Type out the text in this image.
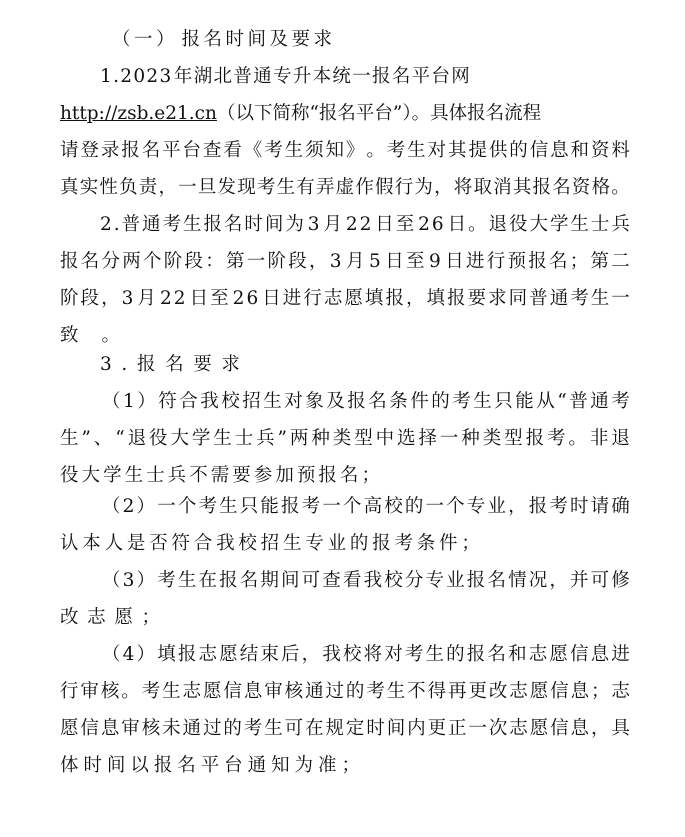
（ 一 ） 报 名 时 间 及 要 求
1 . 2 0 2 3 年 湖 北 普 通 专 升 本 统 一 报 名 平 台 网
http://zsb.e21.cn（以下简称“报名平台”）。具体报名流程
请 登 录 报 名 平 台 查 看 《 考 生 须 知 》 。 考 生 对 其 提 供 的 信 息 和 资 料
真 实 性 负 责 ， 一 旦 发 现 考 生 有 弄 虚 作 假 行 为 ， 将 取 消 其 报 名 资 格 。
2 . 普 通 考 生 报 名 时 间 为 3 月 2 2 日 至 2 6 日 。 退 役 大 学 生 士 兵
报 名 分 两 个 阶 段 ： 第 一 阶 段 ， 3 月 5 日 至 9 日 进 行 预 报 名 ； 第 二
阶 段 ， 3 月 2 2 日 至 2 6 日 进 行 志 愿 填 报 ， 填 报 要 求 同 普 通 考 生 一
致 。
3 . 报 名 要 求
（ 1 ） 符 合 我 校 招 生 对 象 及 报 名 条 件 的 考 生 只 能 从 “ 普 通 考
生 ” 、 “ 退 役 大 学 生 士 兵 ” 两 种 类 型 中 选 择 一 种 类 型 报 考 。 非 退
役 大 学 生 士 兵 不 需 要 参 加 预 报 名 ；
（ 2 ） 一 个 考 生 只 能 报 考 一 个 高 校 的 一 个 专 业 ， 报 考 时 请 确
认 本 人 是 否 符 合 我 校 招 生 专 业 的 报 考 条 件 ；
（ 3 ） 考 生 在 报 名 期 间 可 查 看 我 校 分 专 业 报 名 情 况 ， 并 可 修
改 志 愿 ；
（ 4 ） 填 报 志 愿 结 束 后 ， 我 校 将 对 考 生 的 报 名 和 志 愿 信 息 进
行 审 核 。 考 生 志 愿 信 息 审 核 通 过 的 考 生 不 得 再 更 改 志 愿 信 息 ； 志
愿 信 息 审 核 未 通 过 的 考 生 可 在 规 定 时 间 内 更 正 一 次 志 愿 信 息 ， 具
体 时 间 以 报 名 平 台 通 知 为 准 ；
